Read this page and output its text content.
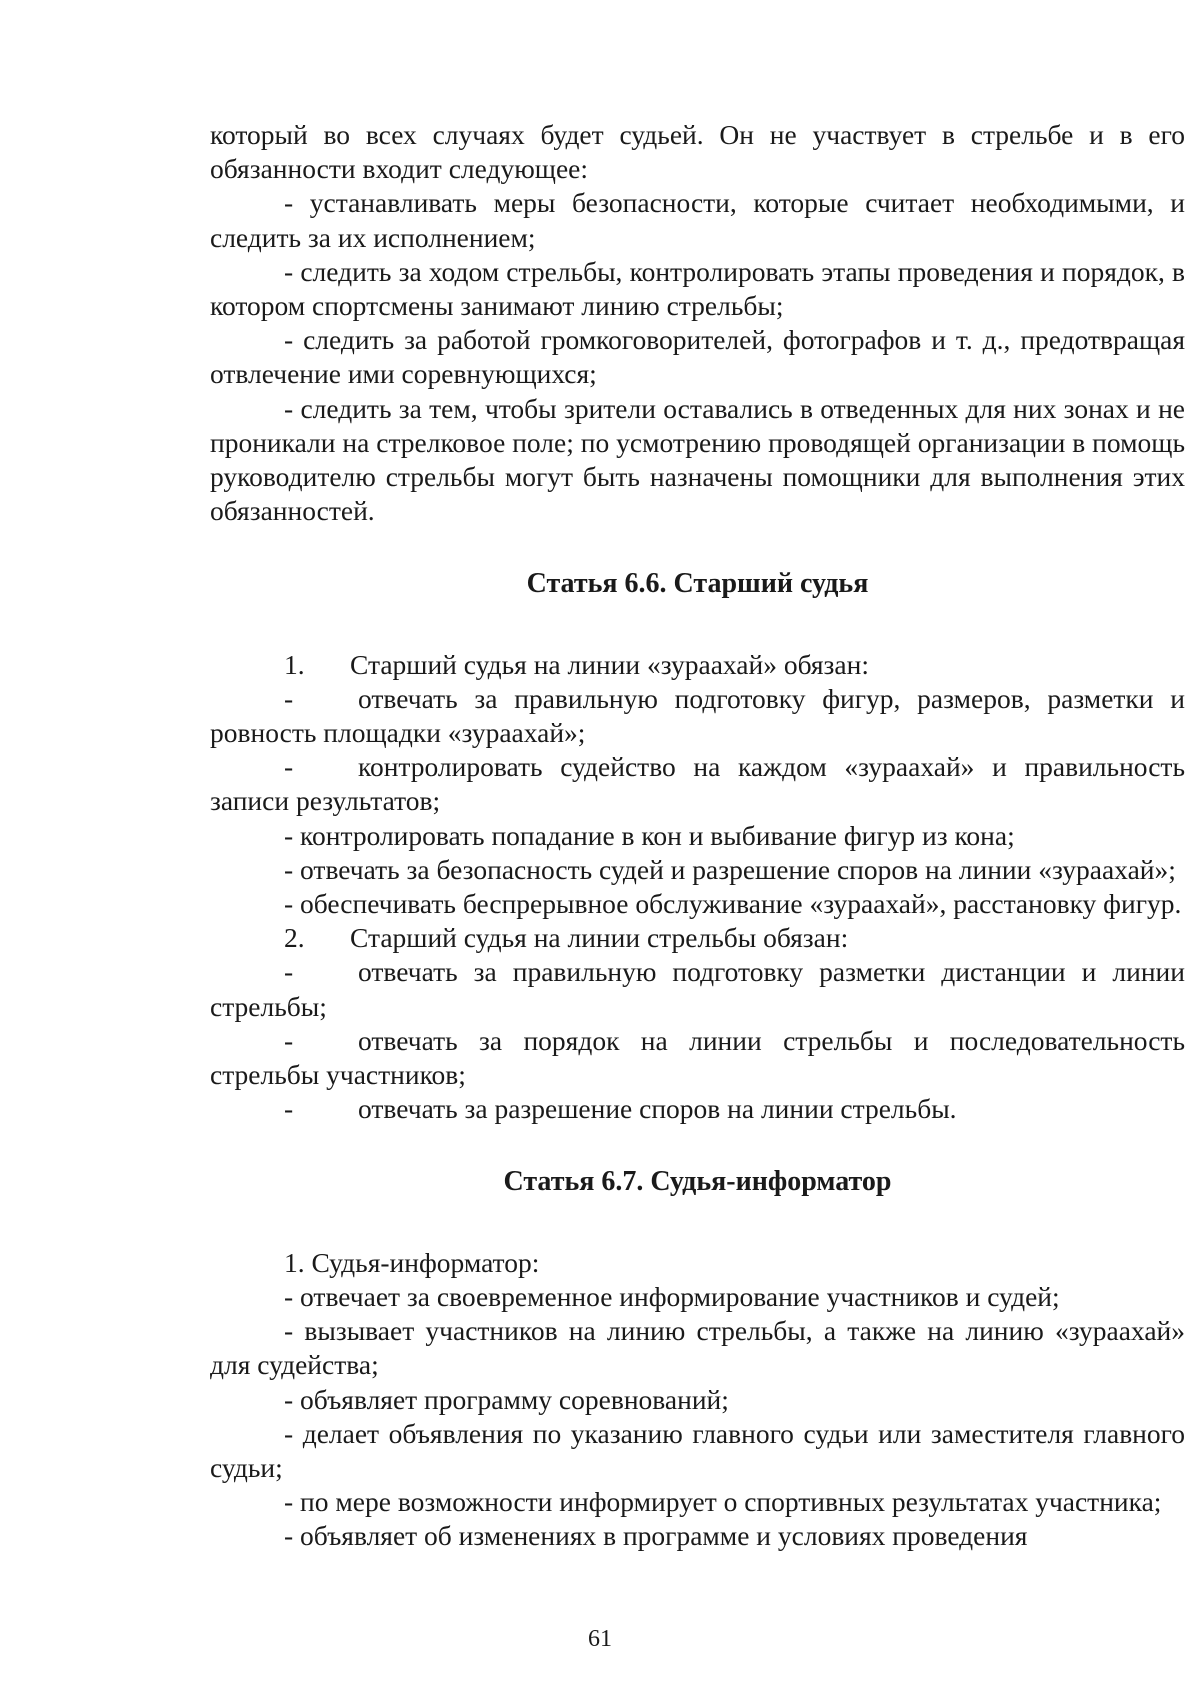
который во всех случаях будет судьей. Он не участвует в стрельбе и в его обязанности входит следующее:

- устанавливать меры безопасности, которые считает необходимыми, и следить за их исполнением;

- следить за ходом стрельбы, контролировать этапы проведения и порядок, в котором спортсмены занимают линию стрельбы;

- следить за работой громкоговорителей, фотографов и т. д., предотвращая отвлечение ими соревнующихся;

- следить за тем, чтобы зрители оставались в отведенных для них зонах и не проникали на стрелковое поле; по усмотрению проводящей организации в помощь руководителю стрельбы могут быть назначены помощники для выполнения этих обязанностей.

Статья 6.6. Старший судья

1. Старший судья на линии «зураахай» обязан:

- отвечать за правильную подготовку фигур, размеров, разметки и ровность площадки «зураахай»;

- контролировать судейство на каждом «зураахай» и правильность записи результатов;

- контролировать попадание в кон и выбивание фигур из кона;

- отвечать за безопасность судей и разрешение споров на линии «зураахай»;

- обеспечивать беспрерывное обслуживание «зураахай», расстановку фигур.

2. Старший судья на линии стрельбы обязан:

- отвечать за правильную подготовку разметки дистанции и линии стрельбы;

- отвечать за порядок на линии стрельбы и последовательность стрельбы участников;

- отвечать за разрешение споров на линии стрельбы.

Статья 6.7. Судья-информатор

1. Судья-информатор:

- отвечает за своевременное информирование участников и судей;

- вызывает участников на линию стрельбы, а также на линию «зураахай» для судейства;

- объявляет программу соревнований;

- делает объявления по указанию главного судьи или заместителя главного судьи;

- по мере возможности информирует о спортивных результатах участника;

- объявляет об изменениях в программе и условиях проведения

61
